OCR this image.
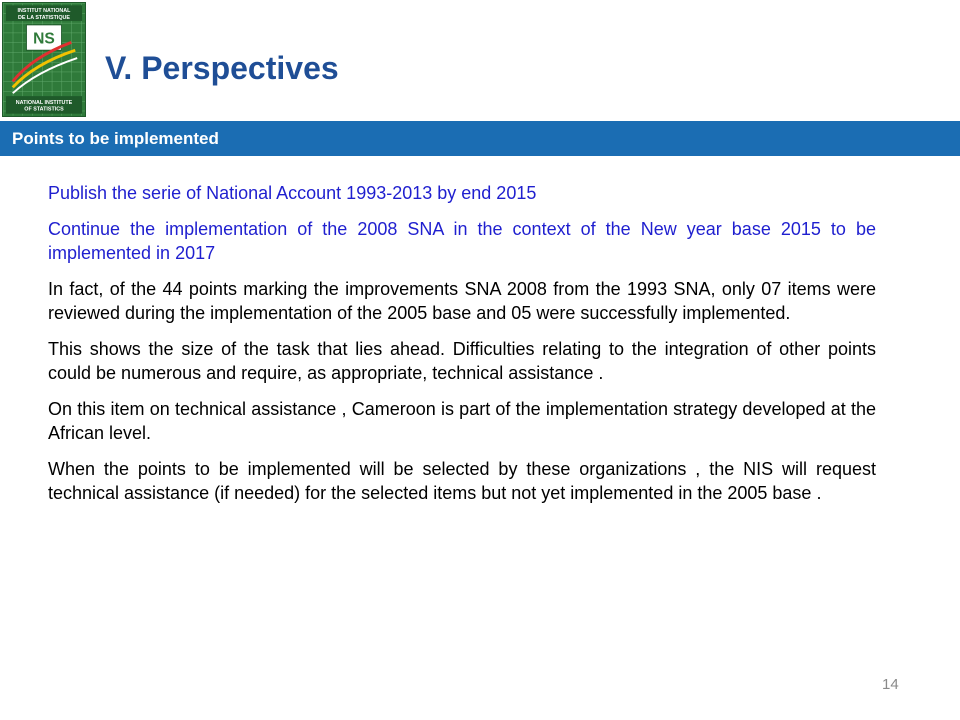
INSTITUT NATIONAL
DE LA STATISTIQUE
NS
NATIONAL INSTITUTE
OF STATISTICS
V. Perspectives
Points to be implemented

Publish the serie of National Account 1993-2013 by end 2015

Continue the implementation of the 2008 SNA in the context of the New year base 2015 to be implemented in 2017

In fact, of the 44 points marking the improvements SNA 2008 from the 1993 SNA, only 07 items were reviewed during the implementation of the 2005 base and 05 were successfully implemented.

This shows the size of the task that lies ahead. Difficulties relating to the integration of other points could be numerous and require, as appropriate, technical assistance .

On this item on technical assistance , Cameroon is part of the implementation strategy developed at the African level.

When the points to be implemented will be selected by these organizations , the NIS will request technical assistance (if needed) for the selected items but not yet implemented in the 2005 base .

14
